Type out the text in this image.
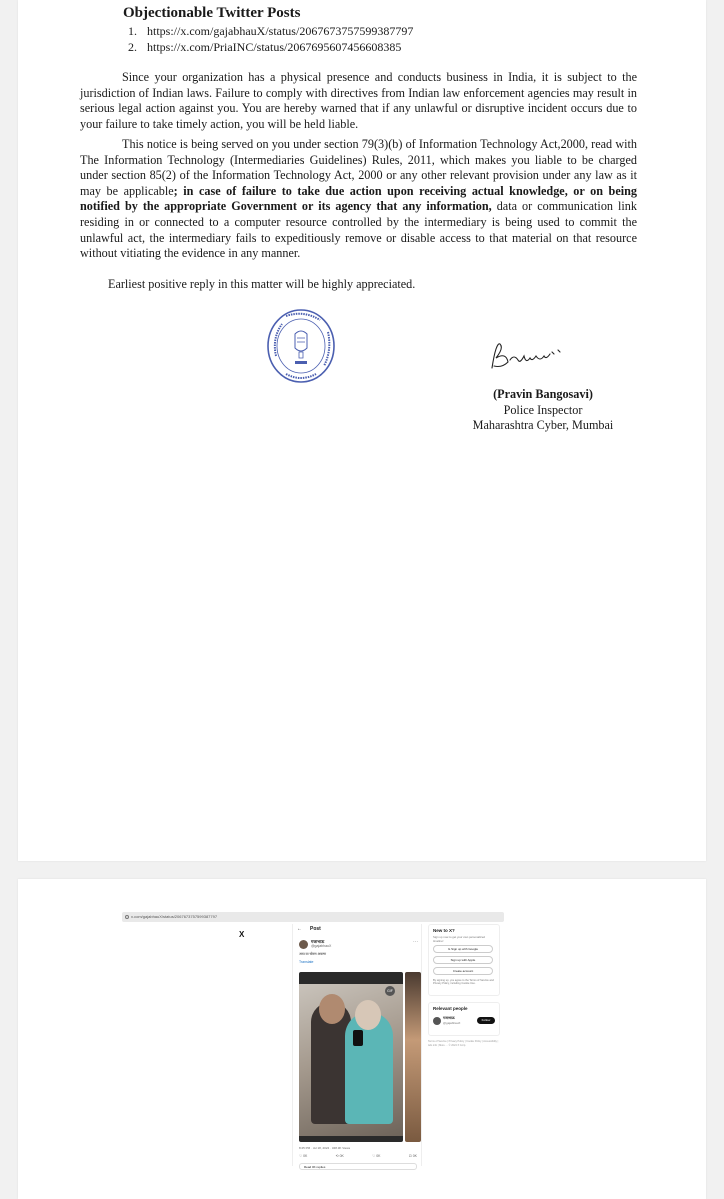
Objectionable Twitter Posts
1. https://x.com/gajabhauX/status/2067673757599387797
2. https://x.com/PriaINC/status/2067695607456608385

Since your organization has a physical presence and conducts business in India, it is subject to the jurisdiction of Indian laws. Failure to comply with directives from Indian law enforcement agencies may result in serious legal action against you. You are hereby warned that if any unlawful or disruptive incident occurs due to your failure to take timely action, you will be held liable.

This notice is being served on you under section 79(3)(b) of Information Technology Act,2000, read with The Information Technology (Intermediaries Guidelines) Rules, 2011, which makes you liable to be charged under section 85(2) of the Information Technology Act, 2000 or any other relevant provision under any law as it may be applicable; in case of failure to take due action upon receiving actual knowledge, or on being notified by the appropriate Government or its agency that any information, data or communication link residing in or connected to a computer resource controlled by the intermediary is being used to commit the unlawful act, the intermediary fails to expeditiously remove or disable access to that material on that resource without vitiating the evidence in any manner.

Earliest positive reply in this matter will be highly appreciated.

(Pravin Bangosavi)
Police Inspector
Maharashtra Cyber, Mumbai
x.com/gajabhauX/status/2067673757599387797
X
← Post
गजाभाऊ
@gajabhauX
···
आप या चोरण अवरण
Translate
GIF
8:25 PM · Jul 18, 2024 · 348.3K Views
♡ 0K	⟲ 0K	♡ 0K	⊡ 0K
Read 0K replies
New to X?
Sign up now to get your own personalized timeline!
G Sign up with Google
Sign up with Apple
Create account
By signing up, you agree to the Terms of Service and Privacy Policy, including Cookie Use.
Relevant people
गजाभाऊ
@gajabhauX
Follow
Terms of Service | Privacy Policy | Cookie Policy | Accessibility | Ads info | More ··· © 2024 X Corp.
